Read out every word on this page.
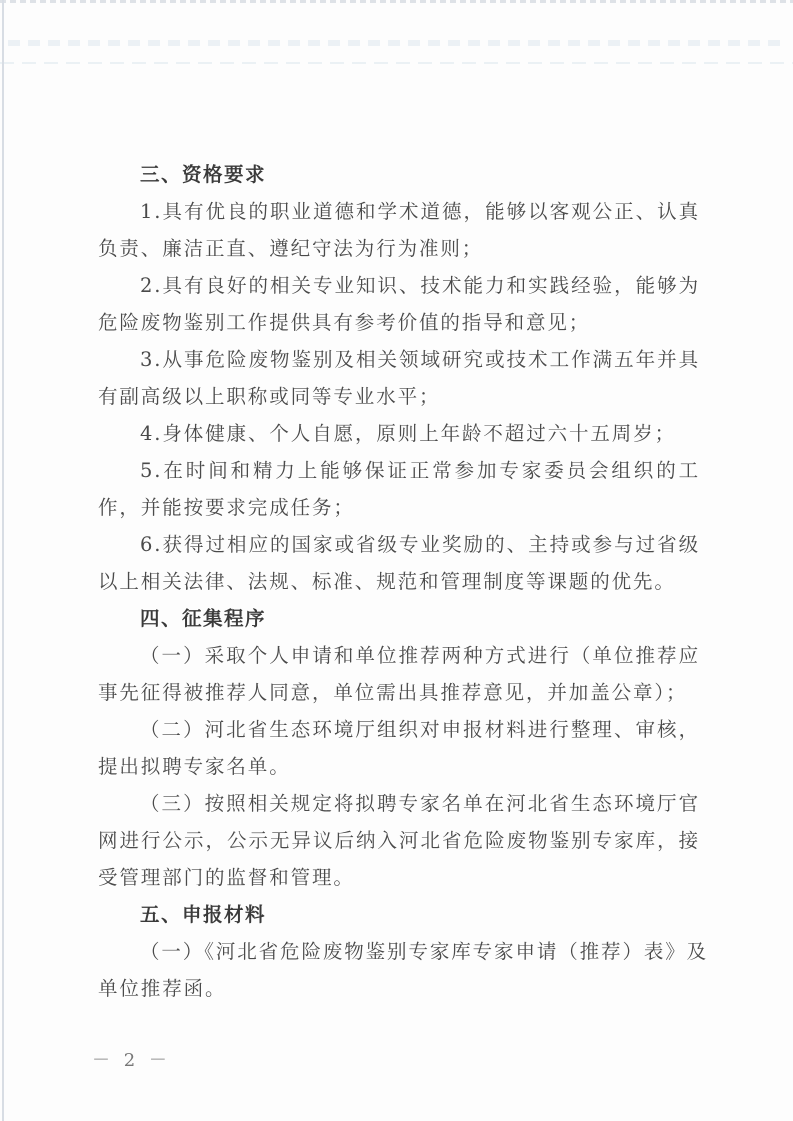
三、资格要求
1.具有优良的职业道德和学术道德，能够以客观公正、认真
负责、廉洁正直、遵纪守法为行为准则；
2.具有良好的相关专业知识、技术能力和实践经验，能够为
危险废物鉴别工作提供具有参考价值的指导和意见；
3.从事危险废物鉴别及相关领域研究或技术工作满五年并具
有副高级以上职称或同等专业水平；
4.身体健康、个人自愿，原则上年龄不超过六十五周岁；
5.在时间和精力上能够保证正常参加专家委员会组织的工
作，并能按要求完成任务；
6.获得过相应的国家或省级专业奖励的、主持或参与过省级
以上相关法律、法规、标准、规范和管理制度等课题的优先。
四、征集程序
（一）采取个人申请和单位推荐两种方式进行（单位推荐应
事先征得被推荐人同意，单位需出具推荐意见，并加盖公章）；
（二）河北省生态环境厅组织对申报材料进行整理、审核，
提出拟聘专家名单。
（三）按照相关规定将拟聘专家名单在河北省生态环境厅官
网进行公示，公示无异议后纳入河北省危险废物鉴别专家库，接
受管理部门的监督和管理。
五、申报材料
（一）《河北省危险废物鉴别专家库专家申请（推荐）表》及
单位推荐函。
－ 2 －
